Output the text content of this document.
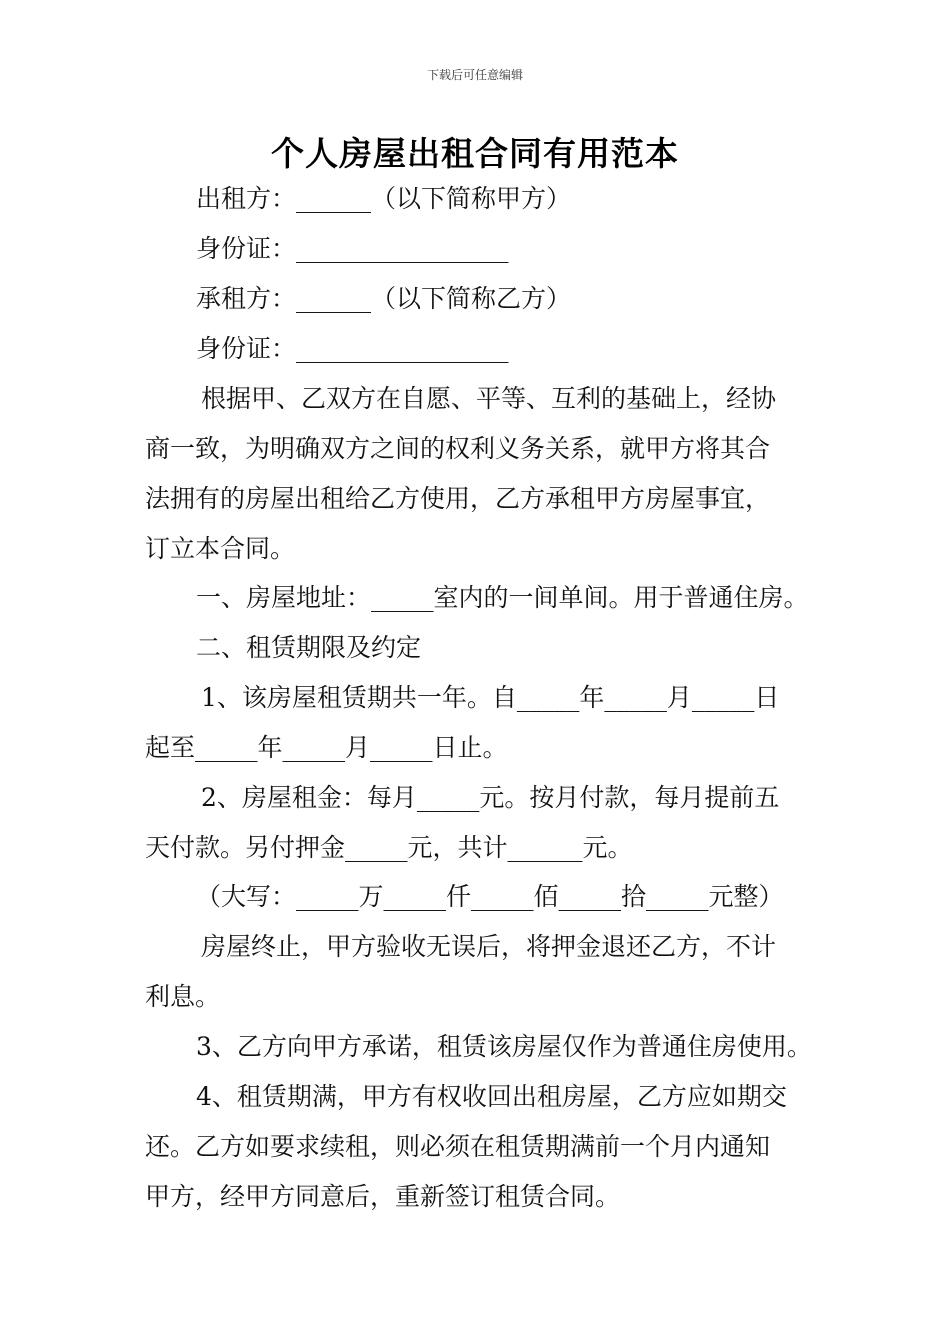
下载后可任意编辑
个人房屋出租合同有用范本
出租方：______（以下简称甲方）
身份证：_________________
承租方：______（以下简称乙方）
身份证：_________________
根据甲、乙双方在自愿、平等、互利的基础上，经协
商一致，为明确双方之间的权利义务关系，就甲方将其合
法拥有的房屋出租给乙方使用，乙方承租甲方房屋事宜，
订立本合同。
一、房屋地址：_____室内的一间单间。用于普通住房。
二、租赁期限及约定
1、该房屋租赁期共一年。自_____年_____月_____日
起至_____年_____月_____日止。
2、房屋租金：每月_____元。按月付款，每月提前五
天付款。另付押金_____元，共计______元。
（大写：_____万_____仟_____佰_____拾_____元整）
房屋终止，甲方验收无误后，将押金退还乙方，不计
利息。
3、乙方向甲方承诺，租赁该房屋仅作为普通住房使用。
4、租赁期满，甲方有权收回出租房屋，乙方应如期交
还。乙方如要求续租，则必须在租赁期满前一个月内通知
甲方，经甲方同意后，重新签订租赁合同。
